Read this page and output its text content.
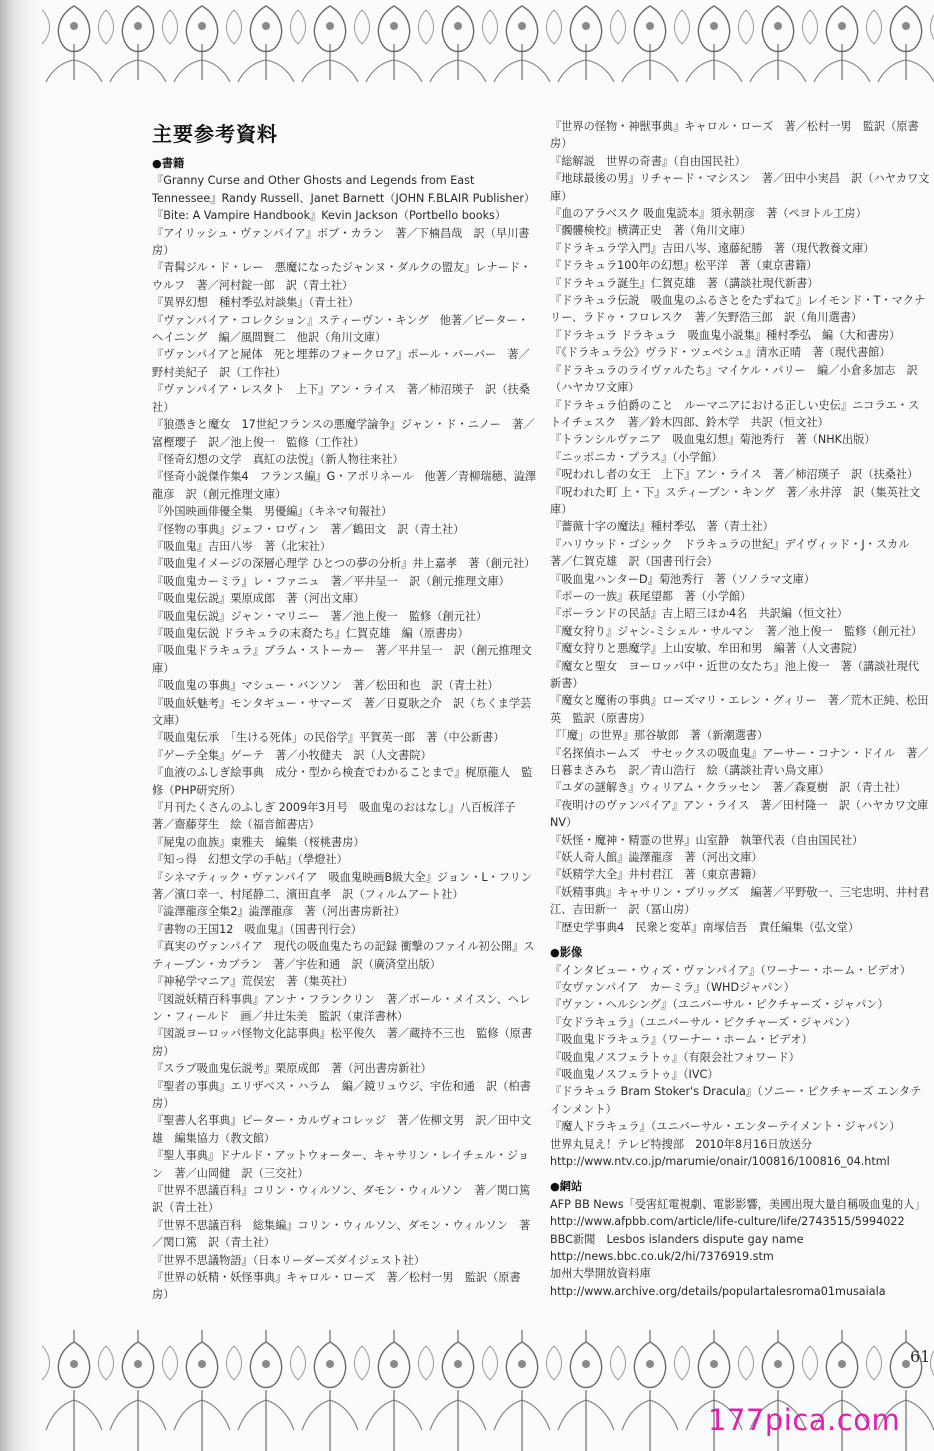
主要参考資料
●書籍
『Granny Curse and Other Ghosts and Legends from East Tennessee』Randy Russell、Janet Barnett（JOHN F.BLAIR Publisher）
『Bite: A Vampire Handbook』Kevin Jackson（Portbello books）
『アイリッシュ・ヴァンパイア』ボブ・カラン　著／下楠昌哉　訳（早川書房）
『青髯ジル・ド・レー　悪魔になったジャンヌ・ダルクの盟友』レナード・ウルフ　著／河村錠一郎　訳（青土社）
『異界幻想　種村季弘対談集』（青土社）
『ヴァンパイア・コレクション』スティーヴン・キング　他著／ピーター・ヘイニング　編／風間賢二　他訳（角川文庫）
『ヴァンパイアと屍体　死と埋葬のフォークロア』ポール・バーバー　著／野村美紀子　訳（工作社）
『ヴァンパイア・レスタト　上下』アン・ライス　著／柿沼瑛子　訳（扶桑社）
『狼憑きと魔女　17世紀フランスの悪魔学論争』ジャン・ド・ニノー　著／富樫瓔子　訳／池上俊一　監修（工作社）
『怪奇幻想の文学　真紅の法悦』（新人物往来社）
『怪奇小説傑作集4　フランス編』G・アポリネール　他著／青柳瑞穂、澁澤龍彦　訳（創元推理文庫）
『外国映画俳優全集　男優編』（キネマ旬報社）
『怪物の事典』ジェフ・ロヴィン　著／鶴田文　訳（青土社）
『吸血鬼』吉田八岑　著（北宋社）
『吸血鬼イメージの深層心理学 ひとつの夢の分析』井上嘉孝　著（創元社）
『吸血鬼カーミラ』レ・ファニュ　著／平井呈一　訳（創元推理文庫）
『吸血鬼伝説』栗原成郎　著（河出文庫）
『吸血鬼伝説』ジャン・マリニー　著／池上俊一　監修（創元社）
『吸血鬼伝説 ドラキュラの末裔たち』仁賀克雄　編（原書房）
『吸血鬼ドラキュラ』ブラム・ストーカー　著／平井呈一　訳（創元推理文庫）
『吸血鬼の事典』マシュー・バンソン　著／松田和也　訳（青土社）
『吸血妖魅考』モンタギュー・サマーズ　著／日夏耿之介　訳（ちくま学芸文庫）
『吸血鬼伝承　「生ける死体」の民俗学』平賀英一郎　著（中公新書）
『ゲーテ全集』ゲーテ　著／小牧健夫　訳（人文書院）
『血液のふしぎ絵事典　成分・型から検査でわかることまで』梶原龍人　監修（PHP研究所）
『月刊たくさんのふしぎ 2009年3月号　吸血鬼のおはなし』八百板洋子　著／齋藤芽生　絵（福音館書店）
『屍鬼の血族』東雅夫　編集（桜桃書房）
『知っ得　幻想文学の手帖』（學燈社）
『シネマティック・ヴァンパイア　吸血鬼映画B級大全』ジョン・L・フリン　著／濱口幸一、村尾静二、濱田直孝　訳（フィルムアート社）
『澁澤龍彦全集2』澁澤龍彦　著（河出書房新社）
『書物の王国12　吸血鬼』（国書刊行会）
『真実のヴァンパイア　現代の吸血鬼たちの記録 衝撃のファイル初公開』スティーブン・カプラン　著／宇佐和通　訳（廣済堂出版）
『神秘学マニア』荒俣宏　著（集英社）
『図説妖精百科事典』アンナ・フランクリン　著／ポール・メイスン、ヘレン・フィールド　画／井辻朱美　監訳（東洋書林）
『図説ヨーロッパ怪物文化誌事典』松平俊久　著／蔵持不三也　監修（原書房）
『スラブ吸血鬼伝説考』栗原成郎　著（河出書房新社）
『聖者の事典』エリザベス・ハラム　編／鏡リュウジ、宇佐和通　訳（柏書房）
『聖書人名事典』ピーター・カルヴォコレッジ　著／佐柳文男　訳／田中文雄　編集協力（教文館）
『聖人事典』ドナルド・アットウォーター、キャサリン・レイチェル・ジョン　著／山岡健　訳（三交社）
『世界不思議百科』コリン・ウィルソン、ダモン・ウィルソン　著／関口篤　訳（青土社）
『世界不思議百科　総集編』コリン・ウィルソン、ダモン・ウィルソン　著／関口篤　訳（青土社）
『世界不思議物語』（日本リーダーズダイジェスト社）
『世界の妖精・妖怪事典』キャロル・ローズ　著／松村一男　監訳（原書房）
『世界の怪物・神獣事典』キャロル・ローズ　著／松村一男　監訳（原書房）
『総解説　世界の奇書』（自由国民社）
『地球最後の男』リチャード・マシスン　著／田中小実昌　訳（ハヤカワ文庫）
『血のアラベスク 吸血鬼読本』須永朝彦　著（ペヨトル工房）
『髑髏検校』横溝正史　著（角川文庫）
『ドラキュラ学入門』吉田八岑、遠藤紀勝　著（現代教養文庫）
『ドラキュラ100年の幻想』松平洋　著（東京書籍）
『ドラキュラ誕生』仁賀克雄　著（講談社現代新書）
『ドラキュラ伝説　吸血鬼のふるさとをたずねて』レイモンド・T・マクナリー、ラドゥ・フロレスク　著／矢野浩三郎　訳（角川選書）
『ドラキュラ ドラキュラ　吸血鬼小説集』種村季弘　編（大和書房）
『《ドラキュラ公》ヴラド・ツェペシュ』清水正晴　著（現代書館）
『ドラキュラのライヴァルたち』マイケル・パリー　編／小倉多加志　訳（ハヤカワ文庫）
『ドラキュラ伯爵のこと　ルーマニアにおける正しい史伝』ニコラエ・ストイチェスク　著／鈴木四郎、鈴木学　共訳（恒文社）
『トランシルヴァニア　吸血鬼幻想』菊池秀行　著（NHK出版）
『ニッポニカ・プラス』（小学館）
『呪われし者の女王　上下』アン・ライス　著／柿沼瑛子　訳（扶桑社）
『呪われた町 上・下』スティーブン・キング　著／永井淳　訳（集英社文庫）
『薔薇十字の魔法』種村季弘　著（青土社）
『ハリウッド・ゴシック　ドラキュラの世紀』デイヴィッド・J・スカル　著／仁賀克雄　訳（国書刊行会）
『吸血鬼ハンターD』菊池秀行　著（ソノラマ文庫）
『ポーの一族』萩尾望都　著（小学館）
『ポーランドの民話』吉上昭三ほか4名　共訳編（恒文社）
『魔女狩り』ジャン-ミシェル・サルマン　著／池上俊一　監修（創元社）
『魔女狩りと悪魔学』上山安敏、牟田和男　編著（人文書院）
『魔女と聖女　ヨーロッパ中・近世の女たち』池上俊一　著（講談社現代新書）
『魔女と魔術の事典』ローズマリ・エレン・グィリー　著／荒木正純、松田英　監訳（原書房）
『「魔」の世界』那谷敏郎　著（新潮選書）
『名探偵ホームズ　サセックスの吸血鬼』アーサー・コナン・ドイル　著／日暮まさみち　訳／青山浩行　絵（講談社青い鳥文庫）
『ユダの謎解き』ウィリアム・クラッセン　著／森夏樹　訳（青土社）
『夜明けのヴァンパイア』アン・ライス　著／田村隆一　訳（ハヤカワ文庫NV）
『妖怪・魔神・精霊の世界』山室静　執筆代表（自由国民社）
『妖人奇人館』澁澤龍彦　著（河出文庫）
『妖精学大全』井村君江　著（東京書籍）
『妖精事典』キャサリン・ブリッグズ　編著／平野敬一、三宅忠明、井村君江、吉田新一　訳（冨山房）
『歴史学事典4　民衆と変革』南塚信吾　責任編集（弘文堂）
●影像
『インタビュー・ウィズ・ヴァンパイア』（ワーナー・ホーム・ビデオ）
『女ヴァンパイア　カーミラ』（WHDジャパン）
『ヴァン・ヘルシング』（ユニバーサル・ピクチャーズ・ジャパン）
『女ドラキュラ』（ユニバーサル・ピクチャーズ・ジャパン）
『吸血鬼ドラキュラ』（ワーナー・ホーム・ビデオ）
『吸血鬼ノスフェラトゥ』（有限会社フォワード）
『吸血鬼ノスフェラトゥ』（IVC）
『ドラキュラ Bram Stoker's Dracula』（ソニー・ピクチャーズ エンタテインメント）
『魔人ドラキュラ』（ユニバーサル・エンターテイメント・ジャパン）
世界丸見え！テレビ特捜部　2010年8月16日放送分　http://www.ntv.co.jp/marumie/onair/100816/100816_04.html
●網站
AFP BB News「受害紅電視劇、電影影響，美國出現大量自稱吸血鬼的人」http://www.afpbb.com/article/life-culture/life/2743515/5994022
BBC新聞　Lesbos islanders dispute gay name　http://news.bbc.co.uk/2/hi/7376919.stm
加州大學開放資料庫　http://www.archive.org/details/populartalesroma01musaiala
61
177pica.com
